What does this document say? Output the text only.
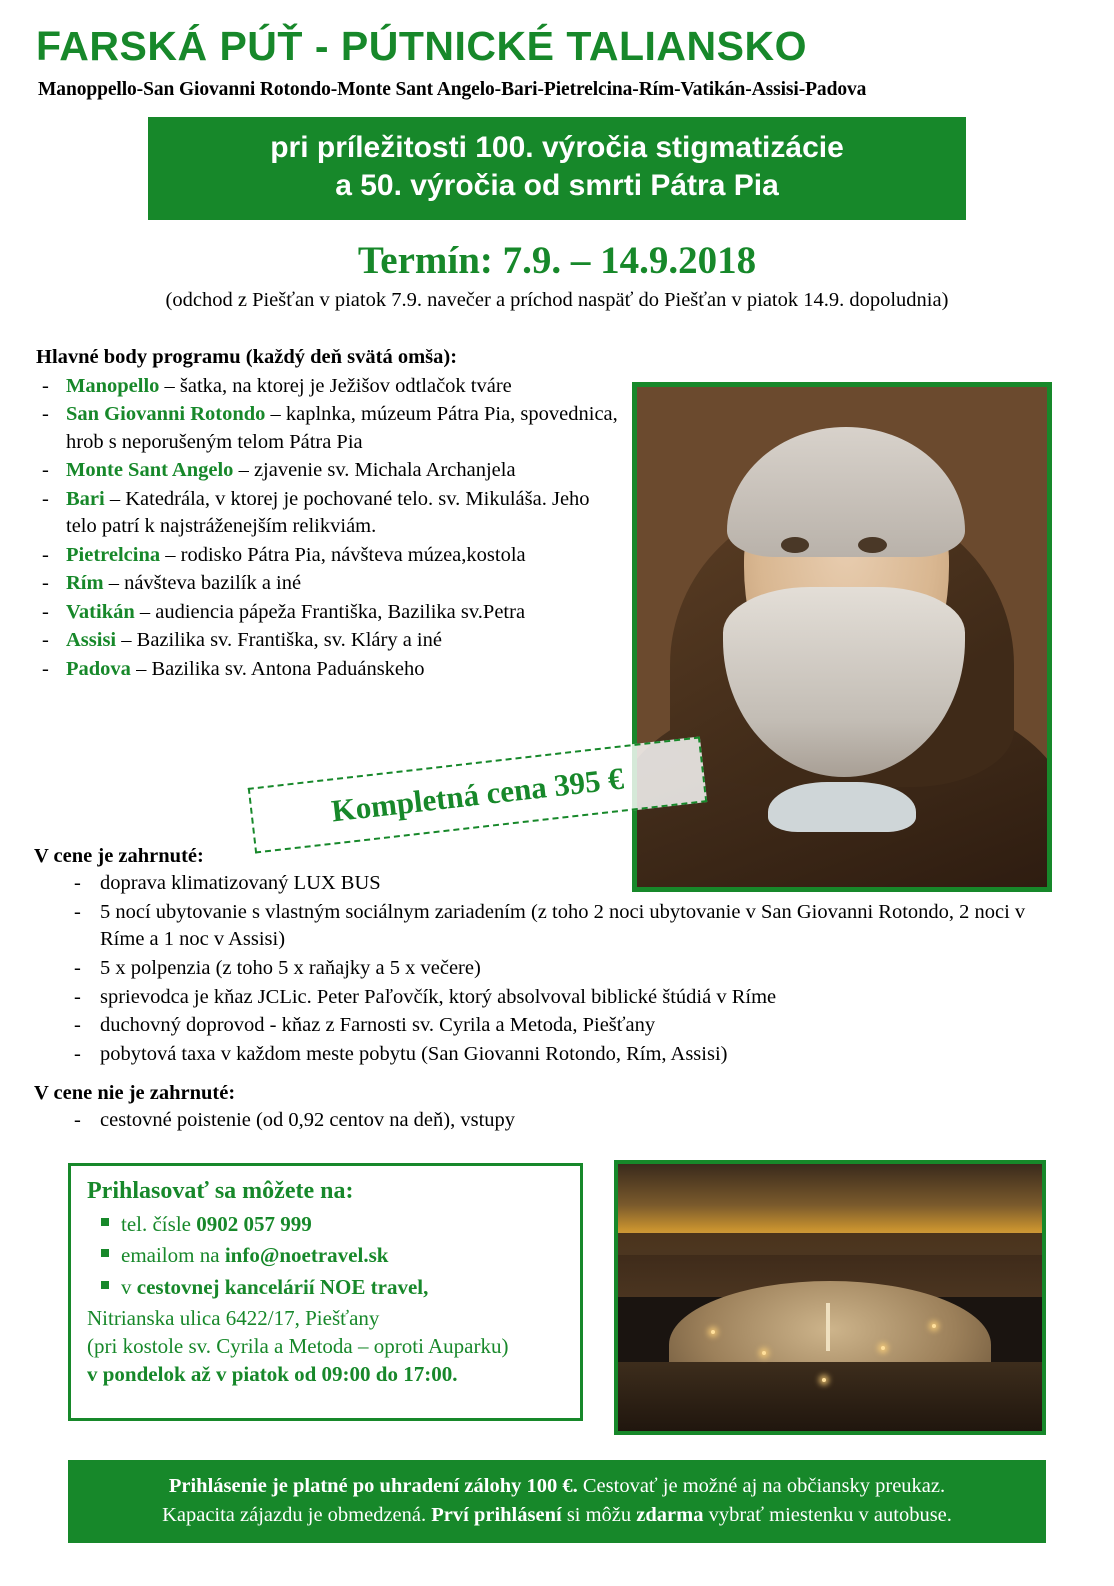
FARSKÁ PÚŤ - PÚTNICKÉ TALIANSKO
Manoppello-San Giovanni Rotondo-Monte Sant Angelo-Bari-Pietrelcina-Rím-Vatikán-Assisi-Padova
pri príležitosti 100. výročia stigmatizácie
a 50. výročia od smrti Pátra Pia
Termín: 7.9. – 14.9.2018
(odchod z Piešťan v piatok 7.9. navečer a príchod naspäť do Piešťan v piatok 14.9. dopoludnia)
Hlavné body programu (každý deň svätá omša):
- Manopello – šatka, na ktorej je Ježišov odtlačok tváre
- San Giovanni Rotondo – kaplnka, múzeum Pátra Pia, spovednica, hrob s neporušeným telom Pátra Pia
- Monte Sant Angelo – zjavenie sv. Michala Archanjela
- Bari – Katedrála, v ktorej je pochované telo. sv. Mikuláša. Jeho telo patrí k najstráženejším relikviám.
- Pietrelcina – rodisko Pátra Pia, návšteva múzea,kostola
- Rím – návšteva bazilík a iné
- Vatikán – audiencia pápeža Františka, Bazilika sv.Petra
- Assisi – Bazilika sv. Františka, sv. Kláry a iné
- Padova – Bazilika sv. Antona Paduánskeho
Kompletná cena 395 €
V cene je zahrnuté:
- doprava klimatizovaný LUX BUS
- 5 nocí ubytovanie s vlastným sociálnym zariadením (z toho 2 noci ubytovanie v San Giovanni Rotondo, 2 noci v Ríme a 1 noc v Assisi)
- 5 x polpenzia (z toho 5 x raňajky a 5 x večere)
- sprievodca je kňaz JCLic. Peter Paľovčík, ktorý absolvoval biblické štúdiá v Ríme
- duchovný doprovod - kňaz z Farnosti sv. Cyrila a Metoda, Piešťany
- pobytová taxa v každom meste pobytu (San Giovanni Rotondo, Rím, Assisi)
V cene nie je zahrnuté:
- cestovné poistenie (od 0,92 centov na deň), vstupy
Prihlasovať sa môžete na:
tel. čísle 0902 057 999
emailom na info@noetravel.sk
v cestovnej kancelárií NOE travel,
Nitrianska ulica 6422/17, Piešťany
(pri kostole sv. Cyrila a Metoda – oproti Auparku)
v pondelok až v piatok od 09:00 do 17:00.
Prihlásenie je platné po uhradení zálohy 100 €. Cestovať je možné aj na občiansky preukaz.
Kapacita zájazdu je obmedzená. Prví prihlásení si môžu zdarma vybrať miestenku v autobuse.
